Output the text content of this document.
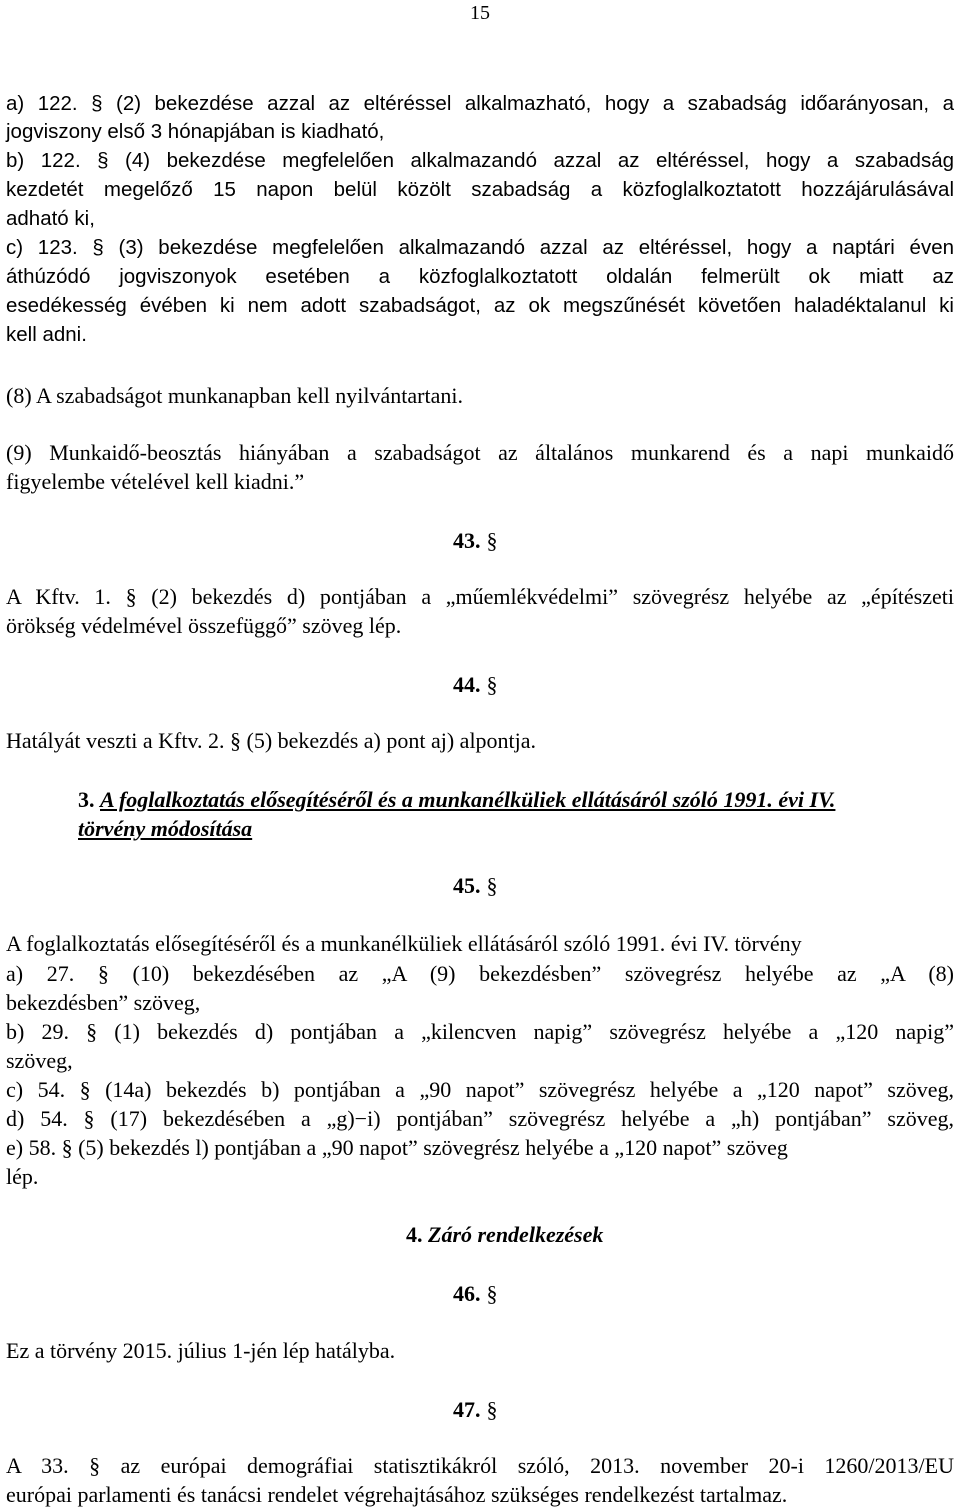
15
a) 122. § (2) bekezdése azzal az eltéréssel alkalmazható, hogy a szabadság időarányosan, a
jogviszony első 3 hónapjában is kiadható,
b) 122. § (4) bekezdése megfelelően alkalmazandó azzal az eltéréssel, hogy a szabadság
kezdetét megelőző 15 napon belül közölt szabadság a közfoglalkoztatott hozzájárulásával
adható ki,
c) 123. § (3) bekezdése megfelelően alkalmazandó azzal az eltéréssel, hogy a naptári éven
áthúzódó jogviszonyok esetében a közfoglalkoztatott oldalán felmerült ok miatt az
esedékesség évében ki nem adott szabadságot, az ok megszűnését követően haladéktalanul ki
kell adni.
(8) A szabadságot munkanapban kell nyilvántartani.
(9) Munkaidő-beosztás hiányában a szabadságot az általános munkarend és a napi munkaidő
figyelembe vételével kell kiadni.”
43. §
A Kftv. 1. § (2) bekezdés d) pontjában a „műemlékvédelmi” szövegrész helyébe az „építészeti
örökség védelmével összefüggő” szöveg lép.
44. §
Hatályát veszti a Kftv. 2. § (5) bekezdés a) pont aj) alpontja.
3. A foglalkoztatás elősegítéséről és a munkanélküliek ellátásáról szóló 1991. évi IV.
törvény módosítása
45. §
A foglalkoztatás elősegítéséről és a munkanélküliek ellátásáról szóló 1991. évi IV. törvény
a) 27. § (10) bekezdésében az „A (9) bekezdésben” szövegrész helyébe az „A (8)
bekezdésben” szöveg,
b) 29. § (1) bekezdés d) pontjában a „kilencven napig” szövegrész helyébe a „120 napig”
szöveg,
c) 54. § (14a) bekezdés b) pontjában a „90 napot” szövegrész helyébe a „120 napot” szöveg,
d) 54. § (17) bekezdésében a „g)−i) pontjában” szövegrész helyébe a „h) pontjában” szöveg,
e) 58. § (5) bekezdés l) pontjában a „90 napot” szövegrész helyébe a „120 napot” szöveg
lép.
4. Záró rendelkezések
46. §
Ez a törvény 2015. július 1-jén lép hatályba.
47. §
A 33. § az európai demográfiai statisztikákról szóló, 2013. november 20-i 1260/2013/EU
európai parlamenti és tanácsi rendelet végrehajtásához szükséges rendelkezést tartalmaz.
